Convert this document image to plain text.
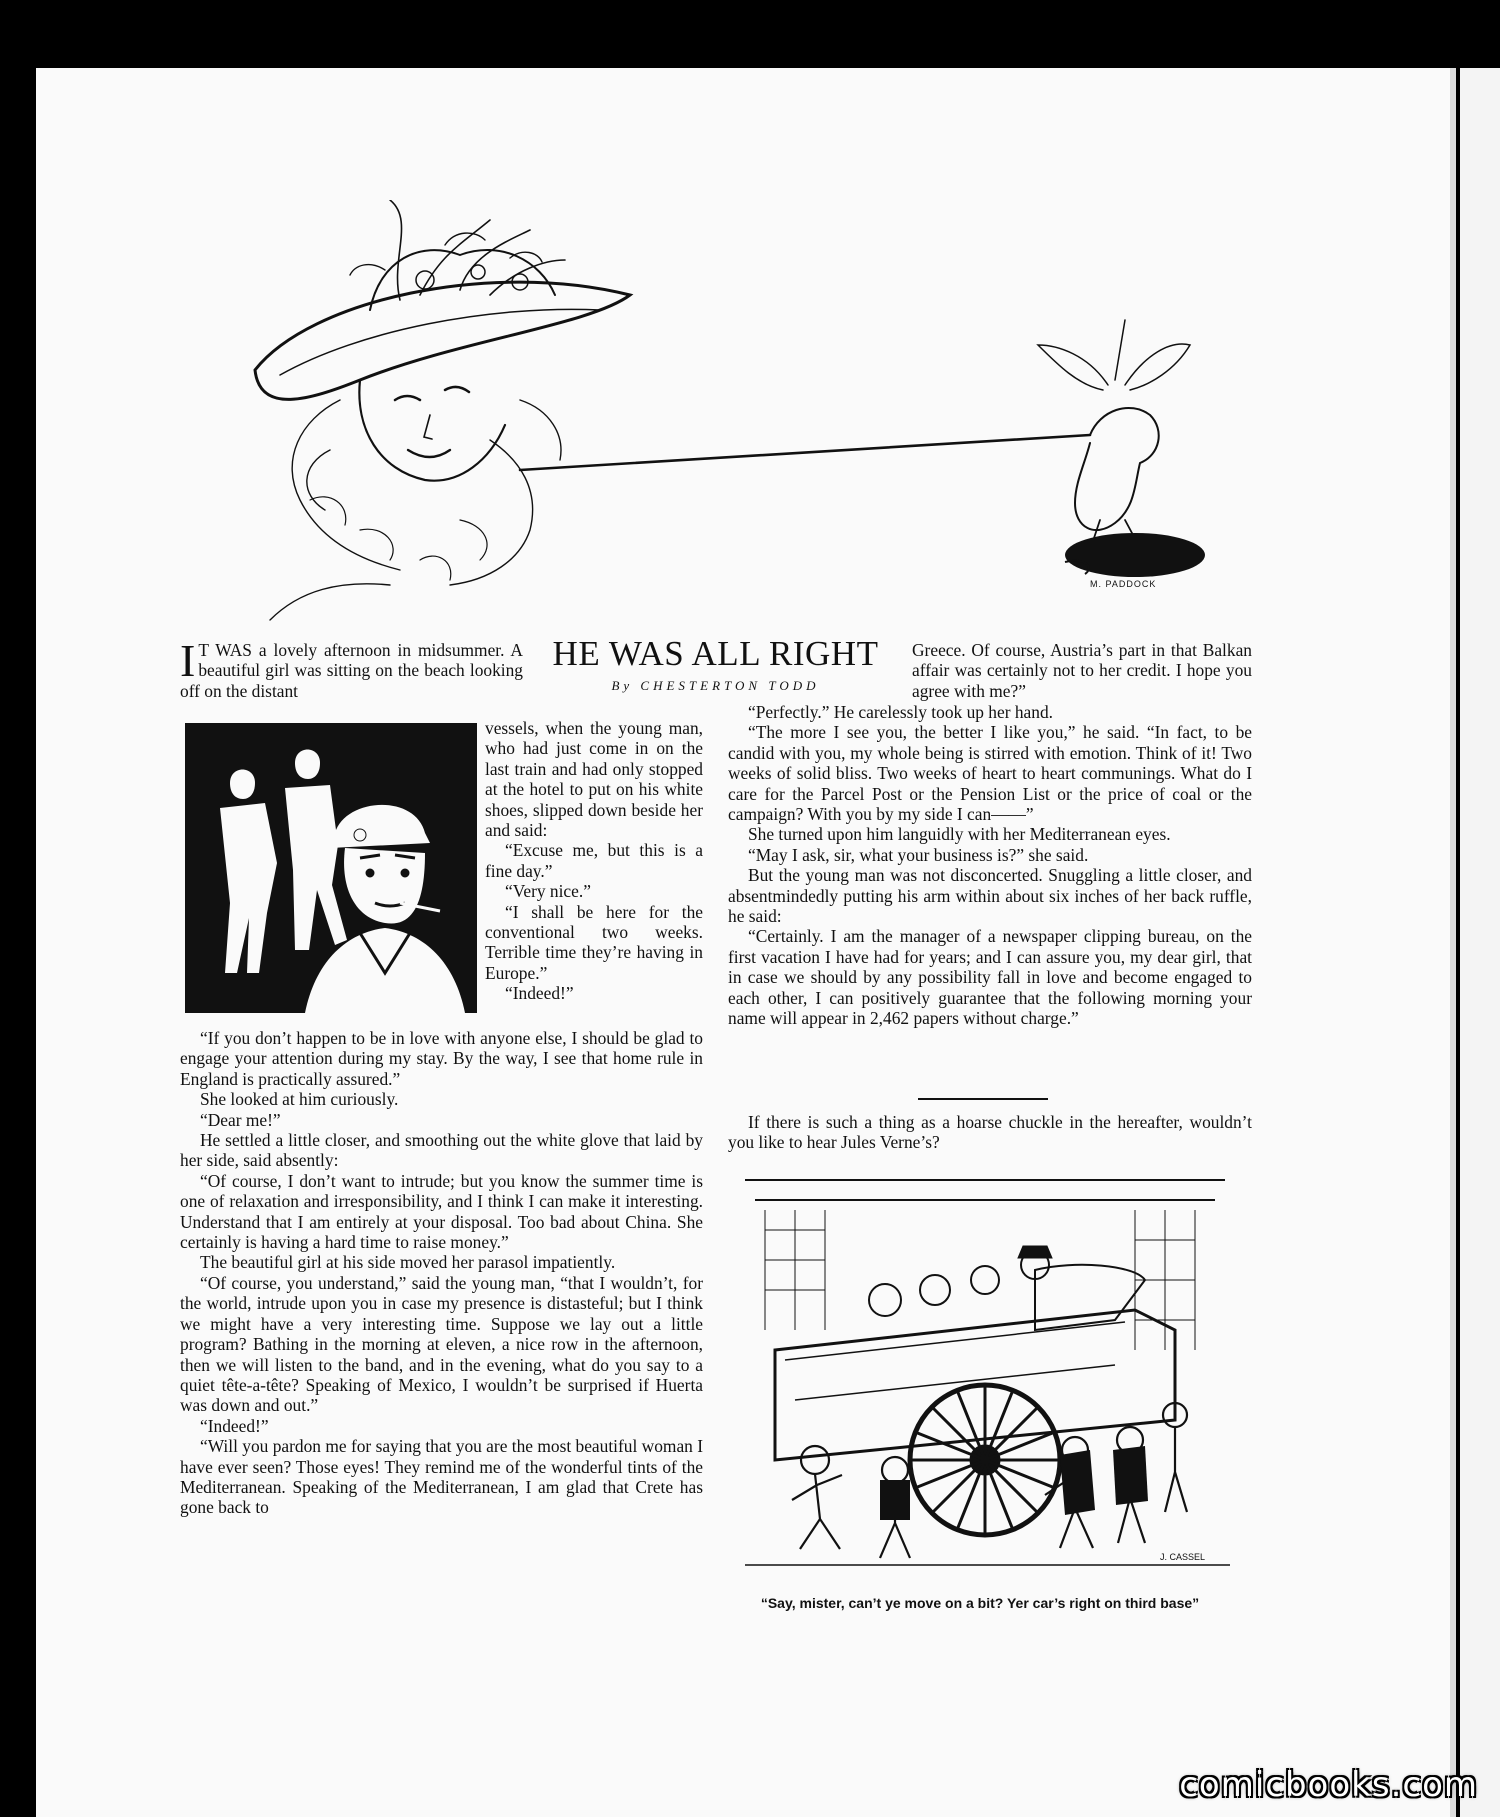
M. PADDOCK
HE WAS ALL RIGHT
By CHESTERTON TODD
I T WAS a lovely afternoon in midsummer. A beautiful girl was sitting on the beach looking off on the distant

vessels, when the young man, who had just come in on the last train and had only stopped at the hotel to put on his white shoes, slipped down beside her and said:

“Excuse me, but this is a fine day.”

“Very nice.”

“I shall be here for the conventional two weeks. Terrible time they’re having in Europe.”

“Indeed!”

“If you don’t happen to be in love with anyone else, I should be glad to engage your attention during my stay. By the way, I see that home rule in England is practically assured.”

She looked at him curiously.

“Dear me!”

He settled a little closer, and smoothing out the white glove that laid by her side, said absently:

“Of course, I don’t want to intrude; but you know the summer time is one of relaxation and irresponsibility, and I think I can make it interesting. Understand that I am entirely at your disposal. Too bad about China. She certainly is having a hard time to raise money.”

The beautiful girl at his side moved her parasol impatiently.

“Of course, you understand,” said the young man, “that I wouldn’t, for the world, intrude upon you in case my presence is distasteful; but I think we might have a very interesting time. Suppose we lay out a little program? Bathing in the morning at eleven, a nice row in the afternoon, then we will listen to the band, and in the evening, what do you say to a quiet tête-a-tête? Speaking of Mexico, I wouldn’t be surprised if Huerta was down and out.”

“Indeed!”

“Will you pardon me for saying that you are the most beautiful woman I have ever seen? Those eyes! They remind me of the wonderful tints of the Mediterranean. Speaking of the Mediterranean, I am glad that Crete has gone back to

Greece. Of course, Austria’s part in that Balkan affair was certainly not to her credit. I hope you agree with me?”

“Perfectly.” He carelessly took up her hand.

“The more I see you, the better I like you,” he said. “In fact, to be candid with you, my whole being is stirred with emotion. Think of it! Two weeks of solid bliss. Two weeks of heart to heart communings. What do I care for the Parcel Post or the Pension List or the price of coal or the campaign? With you by my side I can——”

She turned upon him languidly with her Mediterranean eyes.

“May I ask, sir, what your business is?” she said.

But the young man was not disconcerted. Snuggling a little closer, and absentmindedly putting his arm within about six inches of her back ruffle, he said:

“Certainly. I am the manager of a newspaper clipping bureau, on the first vacation I have had for years; and I can assure you, my dear girl, that in case we should by any possibility fall in love and become engaged to each other, I can positively guarantee that the following morning your name will appear in 2,462 papers without charge.”

If there is such a thing as a hoarse chuckle in the hereafter, wouldn’t you like to hear Jules Verne’s?

J. CASSEL
“Say, mister, can’t ye move on a bit? Yer car’s right on third base”
comicbooks.com
